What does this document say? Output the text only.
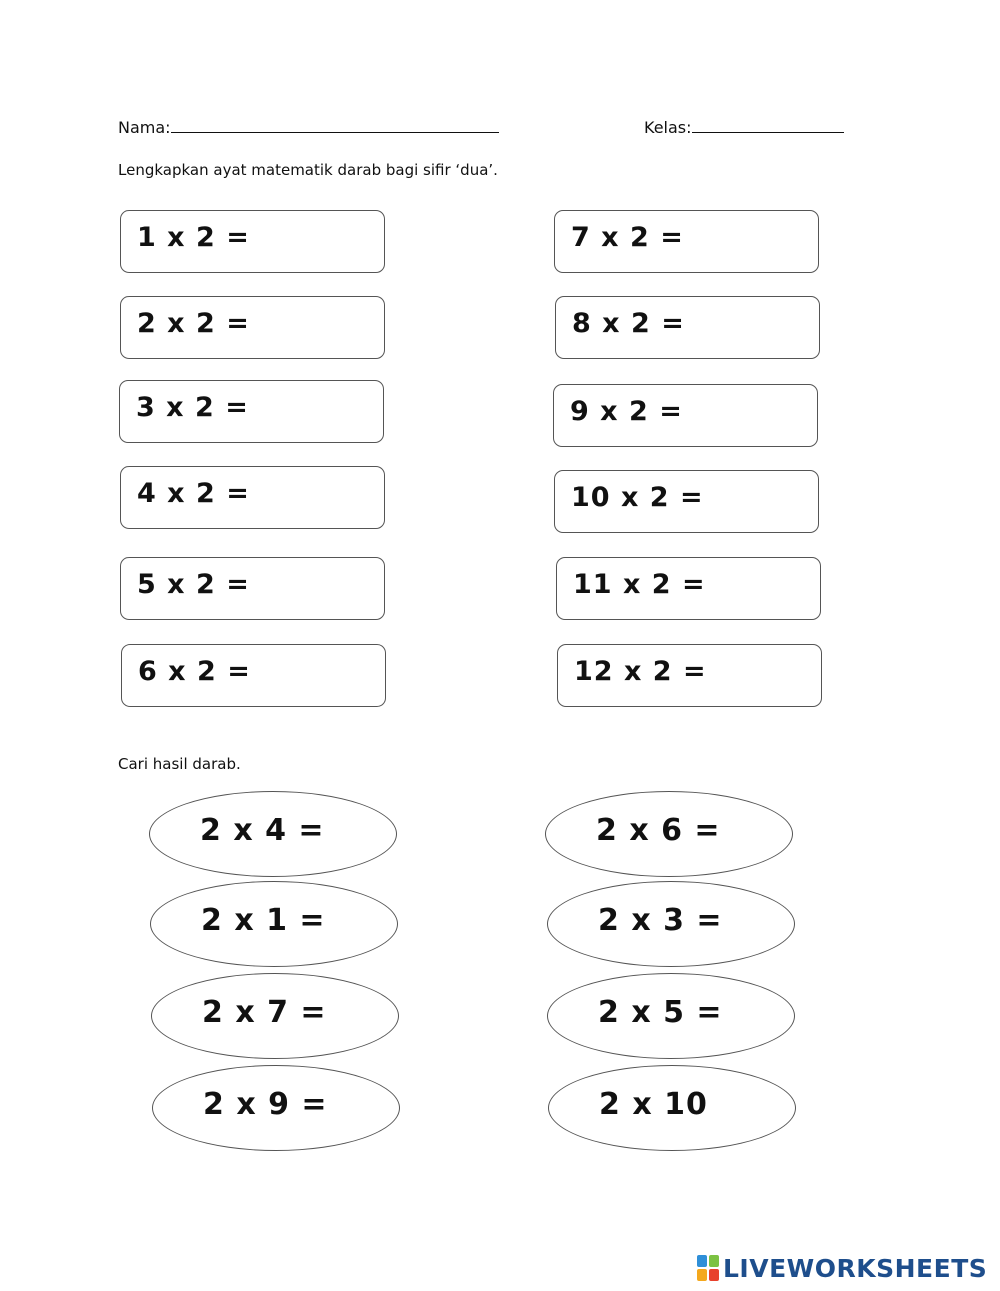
Nama:	Kelas:
Lengkapkan ayat matematik darab bagi sifir ‘dua’.
1 x 2 =
2 x 2 =
3 x 2 =
4 x 2 =
5 x 2 =
6 x 2 =
7 x 2 =
8 x 2 =
9 x 2 =
10 x 2 =
11 x 2 =
12 x 2 =
Cari hasil darab.
2 x 4 =
2 x 1 =
2 x 7 =
2 x 9 =
2 x 6 =
2 x 3 =
2 x 5 =
2 x 10
LIVEWORKSHEETS
